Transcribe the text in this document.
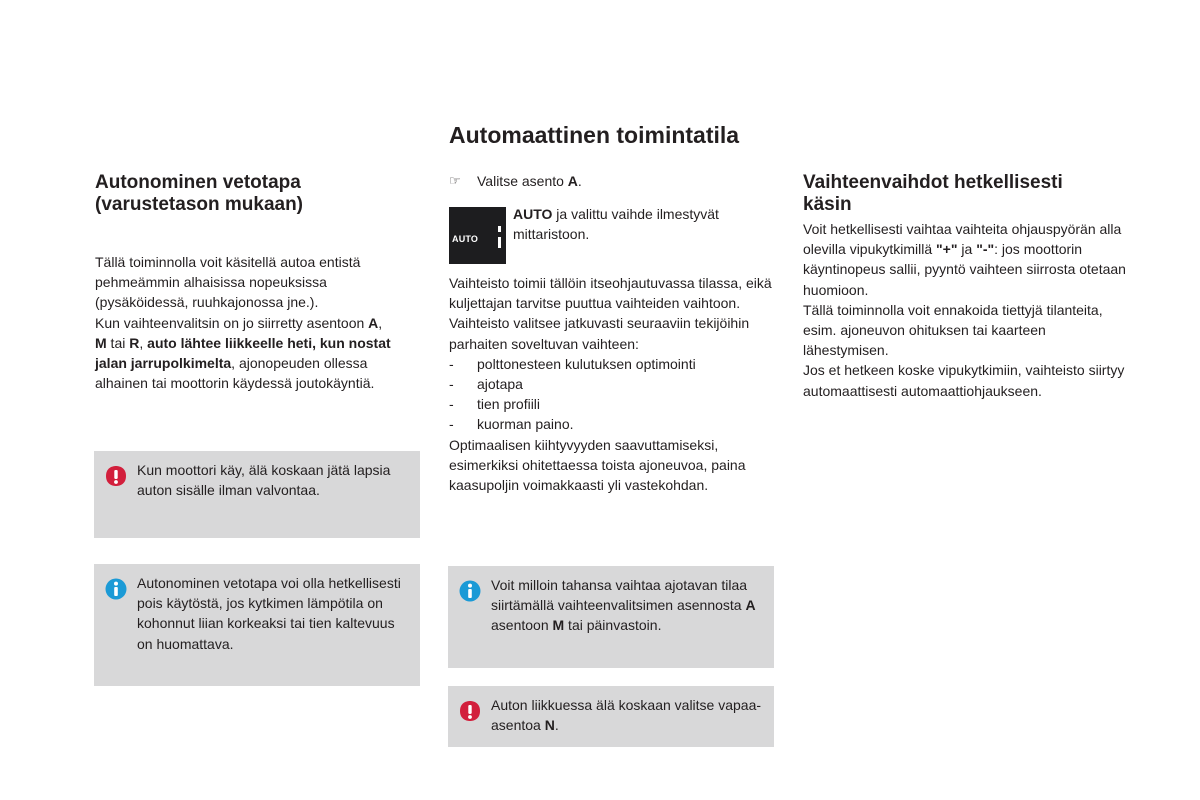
Automaattinen toimintatila

Autonominen vetotapa

(varustetason mukaan)

Tällä toiminnolla voit käsitellä autoa entistä pehmeämmin alhaisissa nopeuksissa (pysäköidessä, ruuhkajonossa jne.).
Kun vaihteenvalitsin on jo siirretty asentoon A,
M tai R, auto lähtee liikkeelle heti, kun nostat jalan jarrupolkimelta, ajonopeuden ollessa alhainen tai moottorin käydessä joutokäyntiä.
Kun moottori käy, älä koskaan jätä lapsia auton sisälle ilman valvontaa.
Autonominen vetotapa voi olla hetkellisesti pois käytöstä, jos kytkimen lämpötila on kohonnut liian korkeaksi tai tien kaltevuus on huomattava.
☞	Valitse asento A.
AUTO
AUTO ja valittu vaihde ilmestyvät mittaristoon.
Vaihteisto toimii tällöin itseohjautuvassa tilassa, eikä kuljettajan tarvitse puuttua vaihteiden vaihtoon. Vaihteisto valitsee jatkuvasti seuraaviin tekijöihin parhaiten soveltuvan vaihteen:
-	polttonesteen kulutuksen optimointi
-	ajotapa
-	tien profiili
-	kuorman paino.
Optimaalisen kiihtyvyyden saavuttamiseksi, esimerkiksi ohitettaessa toista ajoneuvoa, paina kaasupoljin voimakkaasti yli vastekohdan.
Voit milloin tahansa vaihtaa ajotavan tilaa siirtämällä vaihteenvalitsimen asennosta A asentoon M tai päinvastoin.
Auton liikkuessa älä koskaan valitse vapaa-asentoa N.

Vaihteenvaihdot hetkellisesti

käsin

Voit hetkellisesti vaihtaa vaihteita ohjauspyörän alla olevilla vipukytkimillä "+" ja "-": jos moottorin käyntinopeus sallii, pyyntö vaihteen siirrosta otetaan huomioon.
Tällä toiminnolla voit ennakoida tiettyjä tilanteita, esim. ajoneuvon ohituksen tai kaarteen lähestymisen.
Jos et hetkeen koske vipukytkimiin, vaihteisto siirtyy automaattisesti automaattiohjaukseen.
